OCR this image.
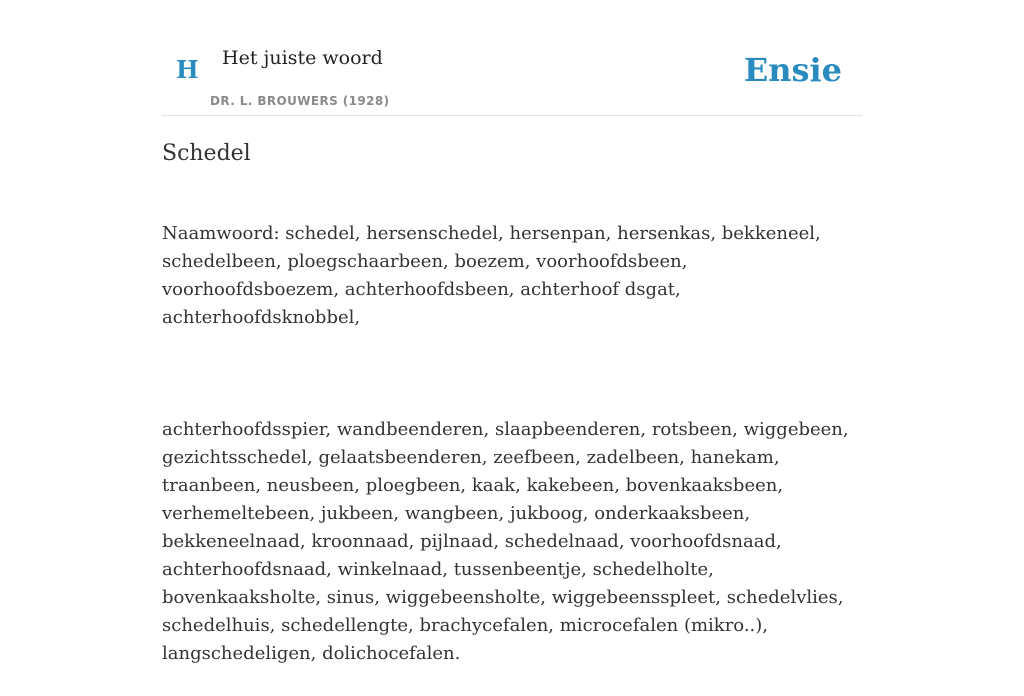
H Het juiste woord
DR. L. BROUWERS (1928)
Ensie
Schedel

Naamwoord: schedel, hersenschedel, hersenpan, hersenkas, bekkeneel, schedelbeen, ploegschaarbeen, boezem, voorhoofdsbeen, voorhoofdsboezem, achterhoofdsbeen, achterhoof dsgat, achterhoofdsknobbel,

achterhoofdsspier, wandbeenderen, slaapbeenderen, rotsbeen, wiggebeen, gezichtsschedel, gelaatsbeenderen, zeefbeen, zadelbeen, hanekam, traanbeen, neusbeen, ploegbeen, kaak, kakebeen, bovenkaaksbeen, verhemeltebeen, jukbeen, wangbeen, jukboog, onderkaaksbeen, bekkeneelnaad, kroonnaad, pijlnaad, schedelnaad, voorhoofdsnaad, achterhoofdsnaad, winkelnaad, tussenbeentje, schedelholte, bovenkaaksholte, sinus, wiggebeensholte, wiggebeensspleet, schedelvlies, schedelhuis, schedellengte, brachycefalen, microcefalen (mikro..), langschedeligen, dolichocefalen.
